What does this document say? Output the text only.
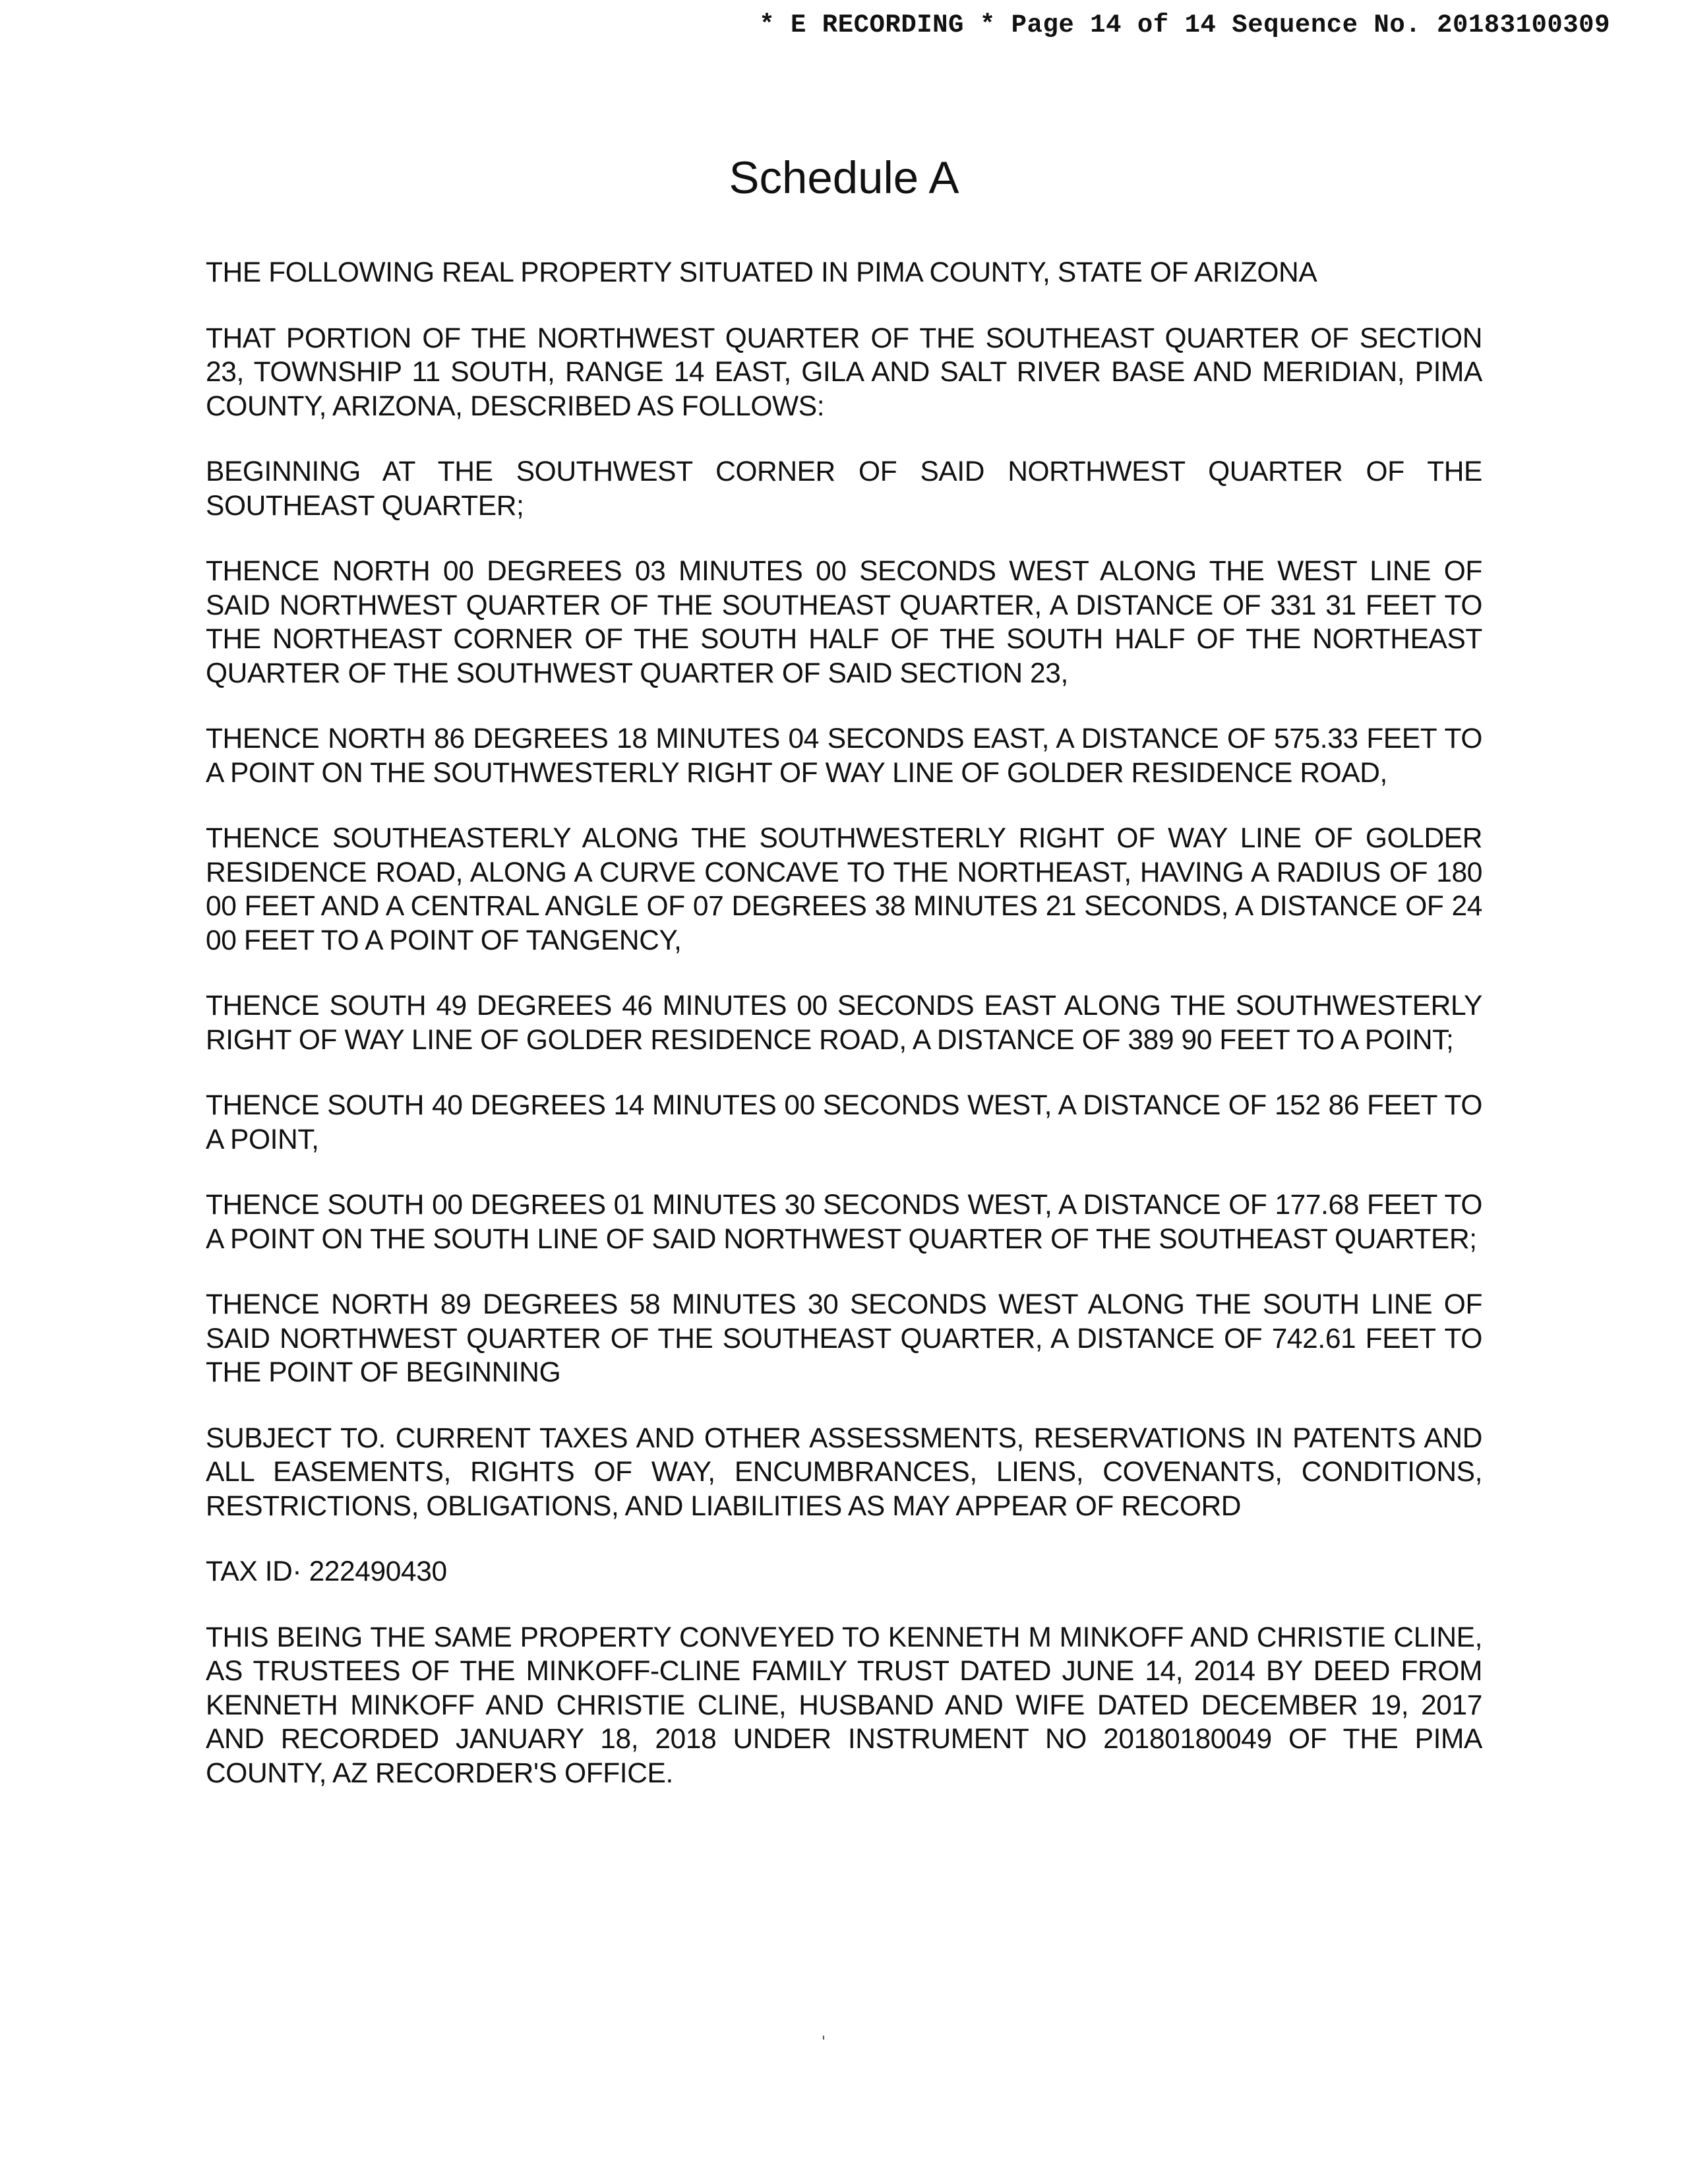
* E RECORDING * Page 14 of 14 Sequence No. 20183100309
Schedule A

THE FOLLOWING REAL PROPERTY SITUATED IN PIMA COUNTY, STATE OF ARIZONA

THAT PORTION OF THE NORTHWEST QUARTER OF THE SOUTHEAST QUARTER OF SECTION 23, TOWNSHIP 11 SOUTH, RANGE 14 EAST, GILA AND SALT RIVER BASE AND MERIDIAN, PIMA COUNTY, ARIZONA, DESCRIBED AS FOLLOWS:

BEGINNING AT THE SOUTHWEST CORNER OF SAID NORTHWEST QUARTER OF THE SOUTHEAST QUARTER;

THENCE NORTH 00 DEGREES 03 MINUTES 00 SECONDS WEST ALONG THE WEST LINE OF SAID NORTHWEST QUARTER OF THE SOUTHEAST QUARTER, A DISTANCE OF 331 31 FEET TO THE NORTHEAST CORNER OF THE SOUTH HALF OF THE SOUTH HALF OF THE NORTHEAST QUARTER OF THE SOUTHWEST QUARTER OF SAID SECTION 23,

THENCE NORTH 86 DEGREES 18 MINUTES 04 SECONDS EAST, A DISTANCE OF 575.33 FEET TO A POINT ON THE SOUTHWESTERLY RIGHT OF WAY LINE OF GOLDER RESIDENCE ROAD,

THENCE SOUTHEASTERLY ALONG THE SOUTHWESTERLY RIGHT OF WAY LINE OF GOLDER RESIDENCE ROAD, ALONG A CURVE CONCAVE TO THE NORTHEAST, HAVING A RADIUS OF 180 00 FEET AND A CENTRAL ANGLE OF 07 DEGREES 38 MINUTES 21 SECONDS, A DISTANCE OF 24 00 FEET TO A POINT OF TANGENCY,

THENCE SOUTH 49 DEGREES 46 MINUTES 00 SECONDS EAST ALONG THE SOUTHWESTERLY RIGHT OF WAY LINE OF GOLDER RESIDENCE ROAD, A DISTANCE OF 389 90 FEET TO A POINT;

THENCE SOUTH 40 DEGREES 14 MINUTES 00 SECONDS WEST, A DISTANCE OF 152 86 FEET TO A POINT,

THENCE SOUTH 00 DEGREES 01 MINUTES 30 SECONDS WEST, A DISTANCE OF 177.68 FEET TO A POINT ON THE SOUTH LINE OF SAID NORTHWEST QUARTER OF THE SOUTHEAST QUARTER;

THENCE NORTH 89 DEGREES 58 MINUTES 30 SECONDS WEST ALONG THE SOUTH LINE OF SAID NORTHWEST QUARTER OF THE SOUTHEAST QUARTER, A DISTANCE OF 742.61 FEET TO THE POINT OF BEGINNING

SUBJECT TO. CURRENT TAXES AND OTHER ASSESSMENTS, RESERVATIONS IN PATENTS AND ALL EASEMENTS, RIGHTS OF WAY, ENCUMBRANCES, LIENS, COVENANTS, CONDITIONS, RESTRICTIONS, OBLIGATIONS, AND LIABILITIES AS MAY APPEAR OF RECORD

TAX ID· 222490430

THIS BEING THE SAME PROPERTY CONVEYED TO KENNETH M MINKOFF AND CHRISTIE CLINE, AS TRUSTEES OF THE MINKOFF-CLINE FAMILY TRUST DATED JUNE 14, 2014 BY DEED FROM KENNETH MINKOFF AND CHRISTIE CLINE, HUSBAND AND WIFE DATED DECEMBER 19, 2017 AND RECORDED JANUARY 18, 2018 UNDER INSTRUMENT NO 20180180049 OF THE PIMA COUNTY, AZ RECORDER'S OFFICE.
